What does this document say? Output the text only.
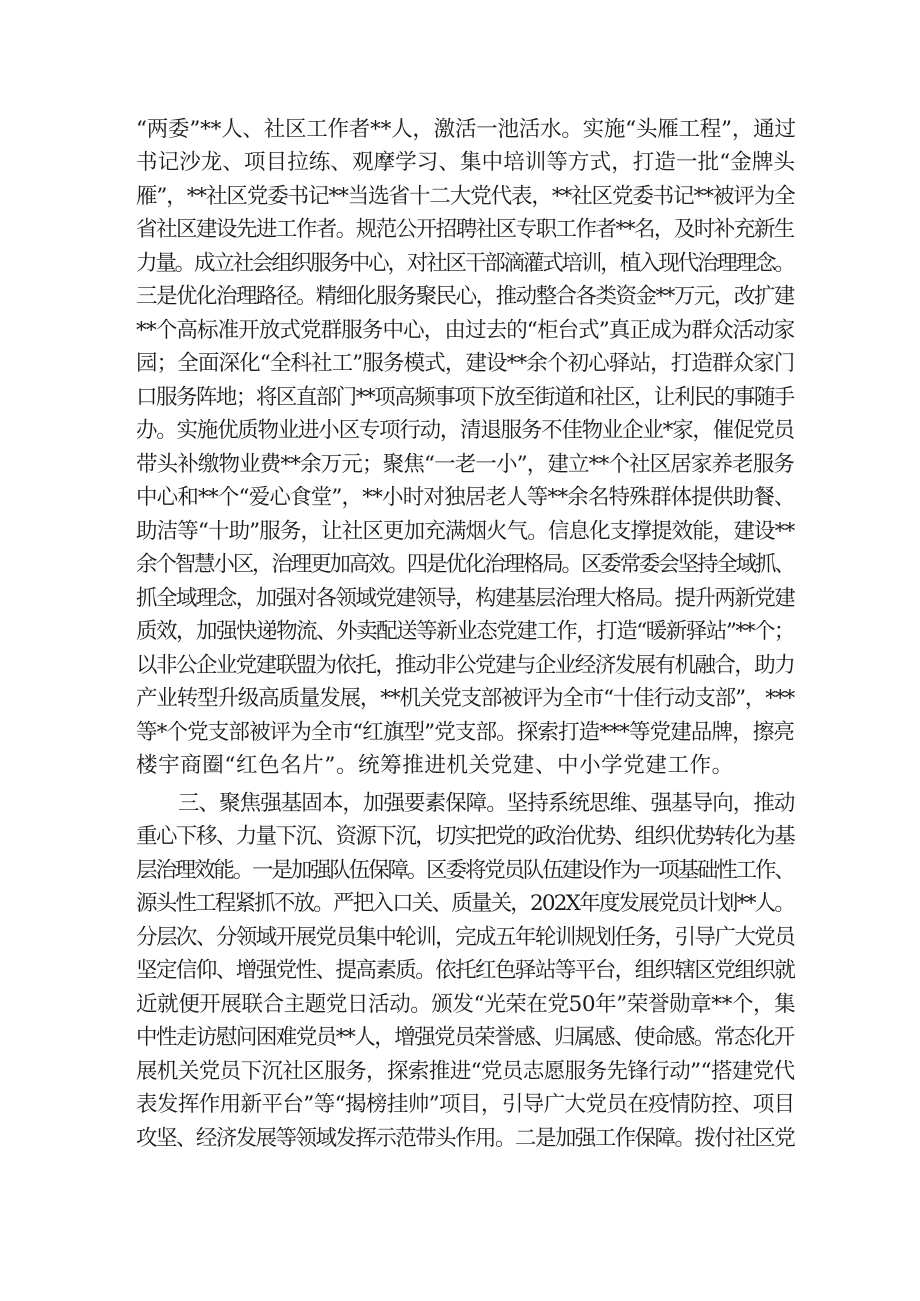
“两委”**人、社区工作者**人，激活一池活水。实施“头雁工程”，通过
书记沙龙、项目拉练、观摩学习、集中培训等方式，打造一批“金牌头
雁”，**社区党委书记**当选省十二大党代表，**社区党委书记**被评为全
省社区建设先进工作者。规范公开招聘社区专职工作者**名，及时补充新生
力量。成立社会组织服务中心，对社区干部滴灌式培训，植入现代治理理念。
三是优化治理路径。精细化服务聚民心，推动整合各类资金**万元，改扩建
**个高标准开放式党群服务中心，由过去的“柜台式”真正成为群众活动家
园；全面深化“全科社工”服务模式，建设**余个初心驿站，打造群众家门
口服务阵地；将区直部门**项高频事项下放至街道和社区，让利民的事随手
办。实施优质物业进小区专项行动，清退服务不佳物业企业*家，催促党员
带头补缴物业费**余万元；聚焦“一老一小”，建立**个社区居家养老服务
中心和**个“爱心食堂”，**小时对独居老人等**余名特殊群体提供助餐、
助洁等“十助”服务，让社区更加充满烟火气。信息化支撑提效能，建设**
余个智慧小区，治理更加高效。四是优化治理格局。区委常委会坚持全域抓、
抓全域理念，加强对各领域党建领导，构建基层治理大格局。提升两新党建
质效，加强快递物流、外卖配送等新业态党建工作，打造“暖新驿站”**个；
以非公企业党建联盟为依托，推动非公党建与企业经济发展有机融合，助力
产业转型升级高质量发展，**机关党支部被评为全市“十佳行动支部”，***
等*个党支部被评为全市“红旗型”党支部。探索打造***等党建品牌，擦亮
楼宇商圈“红色名片”。统筹推进机关党建、中小学党建工作。
三、聚焦强基固本，加强要素保障。坚持系统思维、强基导向，推动
重心下移、力量下沉、资源下沉，切实把党的政治优势、组织优势转化为基
层治理效能。一是加强队伍保障。区委将党员队伍建设作为一项基础性工作、
源头性工程紧抓不放。严把入口关、质量关，202X年度发展党员计划**人。
分层次、分领域开展党员集中轮训，完成五年轮训规划任务，引导广大党员
坚定信仰、增强党性、提高素质。依托红色驿站等平台，组织辖区党组织就
近就便开展联合主题党日活动。颁发“光荣在党50年”荣誉勋章**个，集
中性走访慰问困难党员**人，增强党员荣誉感、归属感、使命感。常态化开
展机关党员下沉社区服务，探索推进“党员志愿服务先锋行动”“搭建党代
表发挥作用新平台”等“揭榜挂帅”项目，引导广大党员在疫情防控、项目
攻坚、经济发展等领域发挥示范带头作用。二是加强工作保障。拨付社区党
